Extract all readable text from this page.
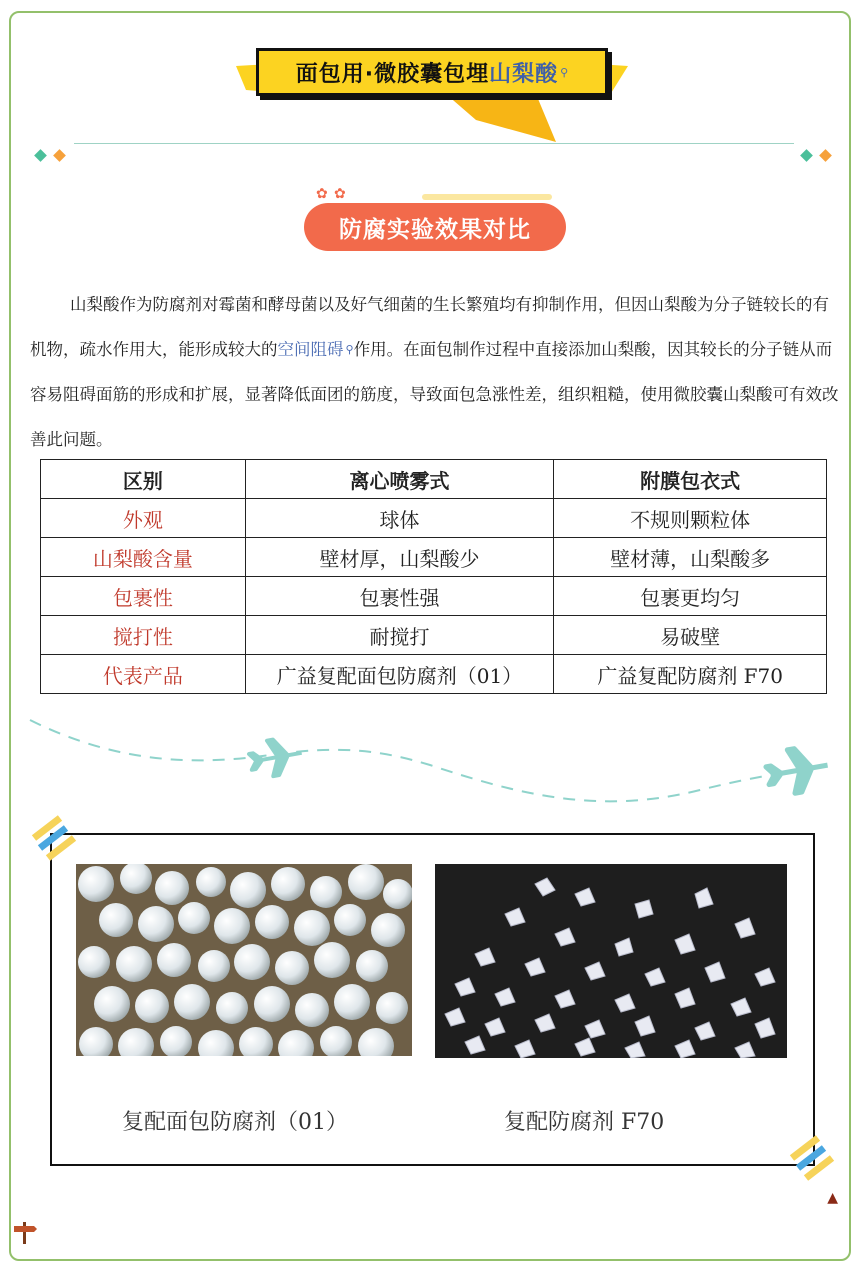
面包用·微胶囊包埋 山梨酸 ⚲
✿ ✿
防腐实验效果对比

山梨酸作为防腐剂对霉菌和酵母菌以及好气细菌的生长繁殖均有抑制作用，但因山梨酸为分子链较长的有机物，疏水作用大，能形成较大的空间阻碍 ⚲作用。在面包制作过程中直接添加山梨酸，因其较长的分子链从而容易阻碍面筋的形成和扩展，显著降低面团的筋度，导致面包急涨性差，组织粗糙，使用微胶囊山梨酸可有效改善此问题。

区别	离心喷雾式	附膜包衣式
外观	球体	不规则颗粒体
山梨酸含量	壁材厚，山梨酸少	壁材薄，山梨酸多
包裹性	包裹性强	包裹更均匀
搅打性	耐搅打	易破壁
代表产品	广益复配面包防腐剂（01）	广益复配防腐剂 F70
复配面包防腐剂（01）	复配防腐剂 F70
▲
